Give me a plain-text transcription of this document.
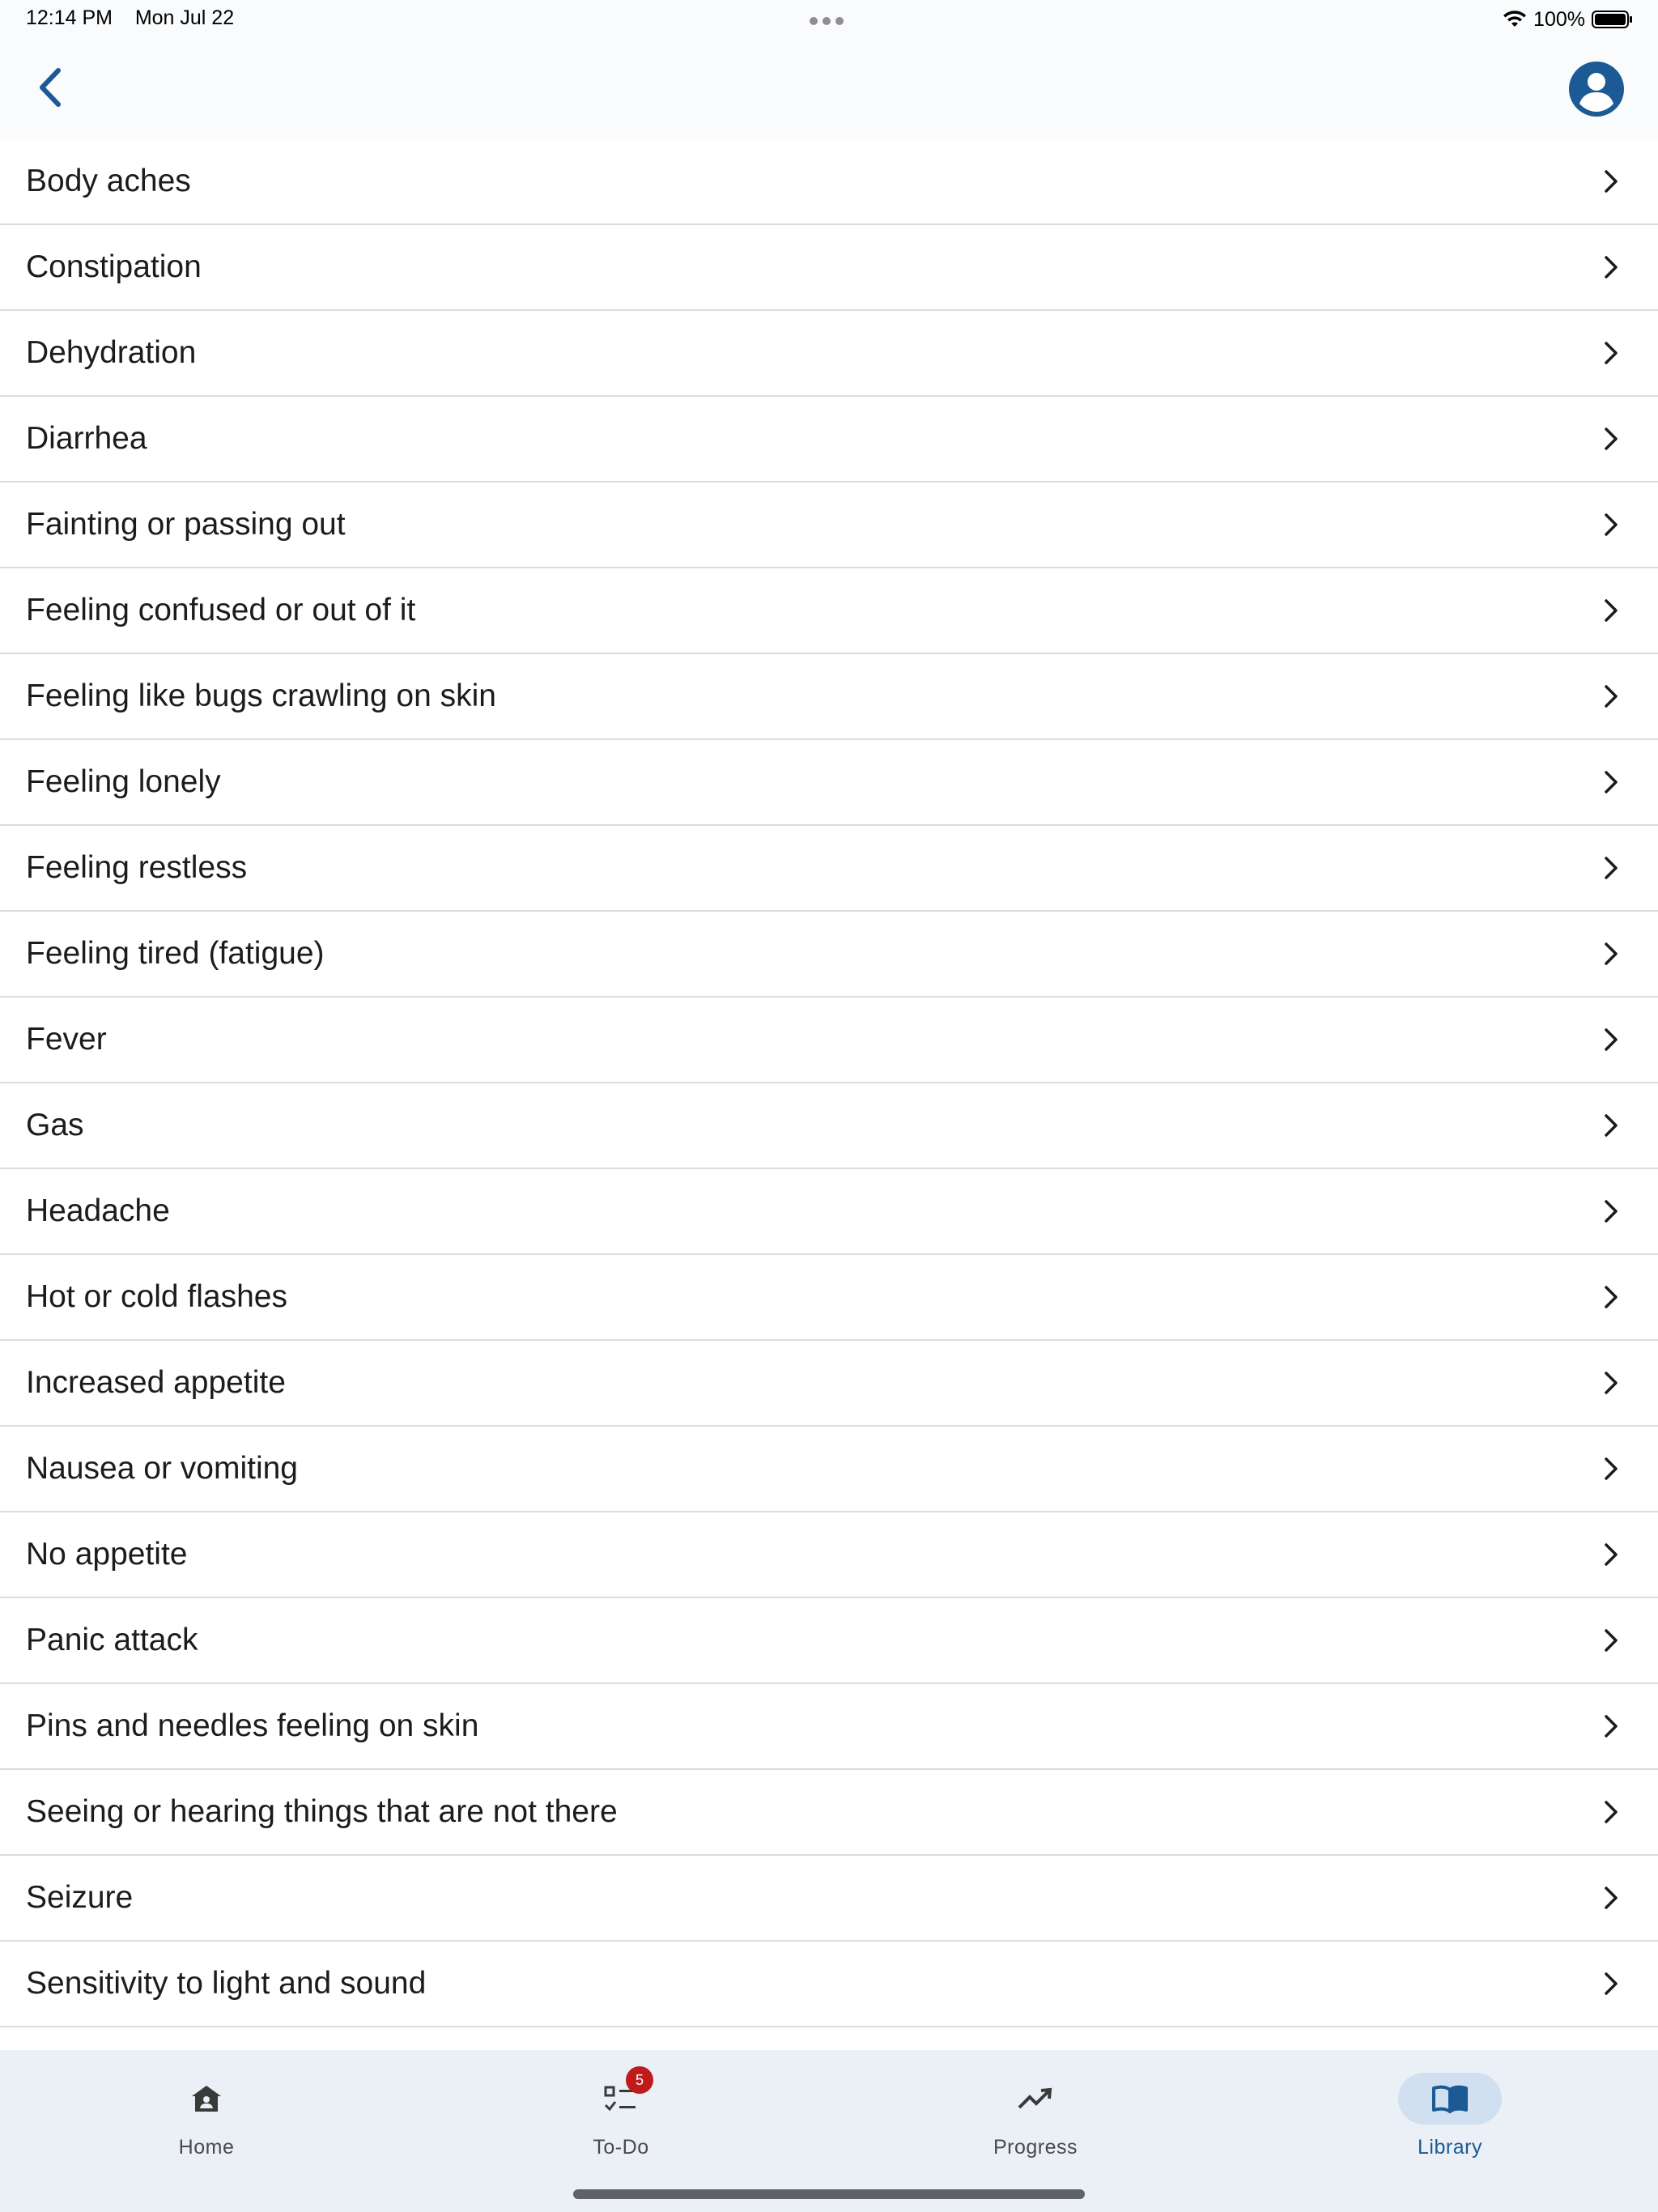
12:14 PM Mon Jul 22	100%
Body aches
Constipation
Dehydration
Diarrhea
Fainting or passing out
Feeling confused or out of it
Feeling like bugs crawling on skin
Feeling lonely
Feeling restless
Feeling tired (fatigue)
Fever
Gas
Headache
Hot or cold flashes
Increased appetite
Nausea or vomiting
No appetite
Panic attack
Pins and needles feeling on skin
Seeing or hearing things that are not there
Seizure
Sensitivity to light and sound
Home
5
To-Do	Progress	Library
